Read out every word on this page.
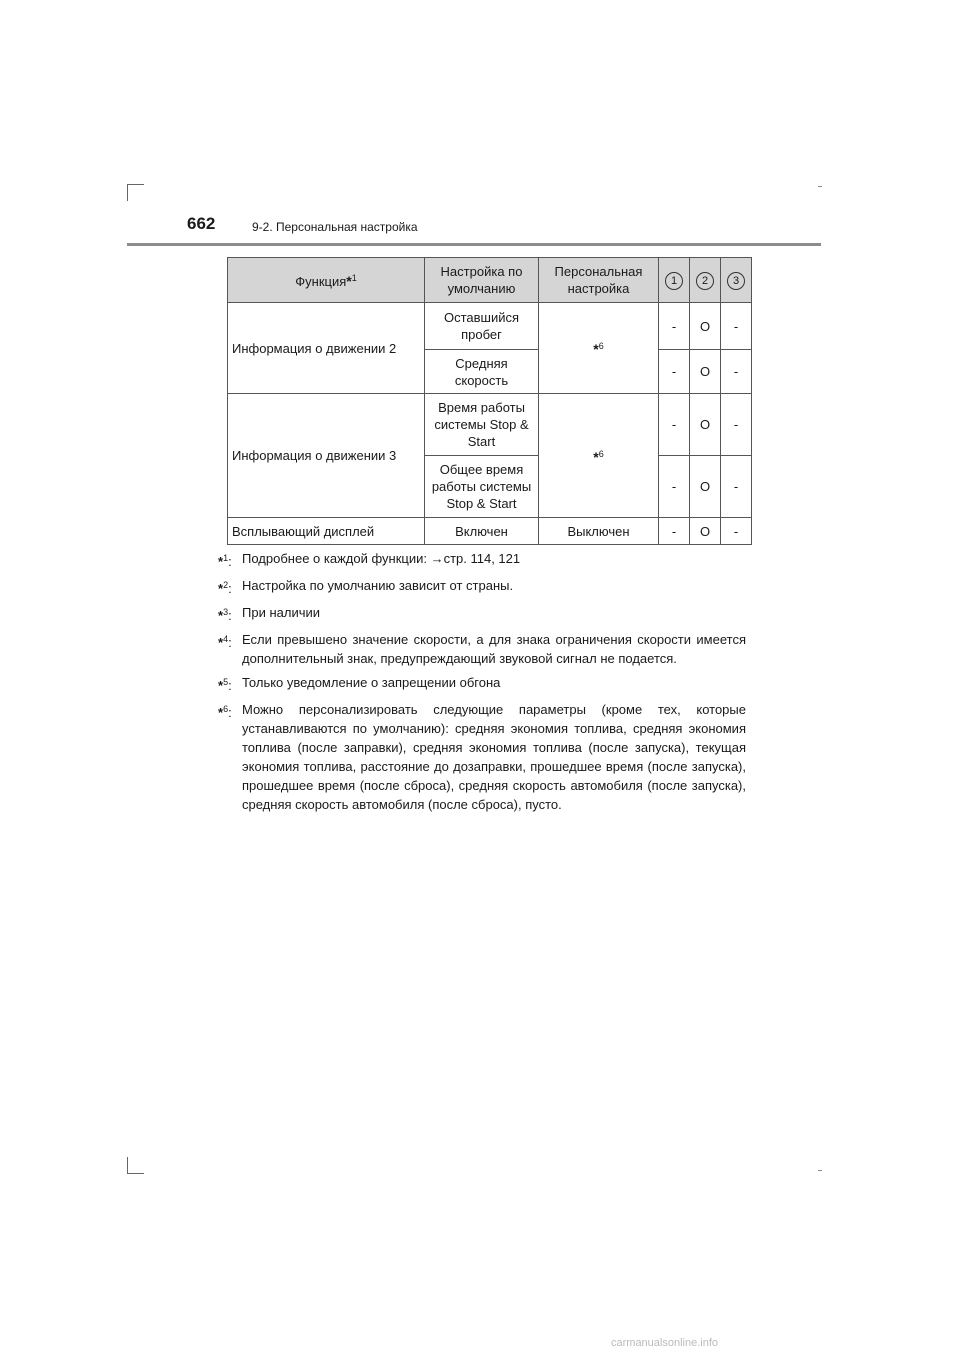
662	9-2. Персональная настройка
Функция*$^1$	Настройка по умолчанию	Персональная настройка	1	2	3
Информация о движении 2	Оставшийся пробег	*$^6$	-	O	-
	Средняя скорость		-	O	-
Информация о движении 3	Время работы системы Stop & Start	*$^6$	-	O	-
	Общее время работы системы Stop & Start		-	O	-
Всплывающий дисплей	Включен	Выключен	-	O	-
*$^1$: Подробнее о каждой функции: →стр. 114, 121
*$^2$: Настройка по умолчанию зависит от страны.
*$^3$: При наличии
*$^4$: Если превышено значение скорости, а для знака ограничения скорости имеется дополнительный знак, предупреждающий звуковой сигнал не подается.
*$^5$: Только уведомление о запрещении обгона
*$^6$: Можно персонализировать следующие параметры (кроме тех, которые устанавливаются по умолчанию): средняя экономия топлива, средняя экономия топлива (после заправки), средняя экономия топлива (после запуска), текущая экономия топлива, расстояние до дозаправки, прошедшее время (после запуска), прошедшее время (после сброса), средняя скорость автомобиля (после запуска), средняя скорость автомобиля (после сброса), пусто.
carmanualsonline.info
